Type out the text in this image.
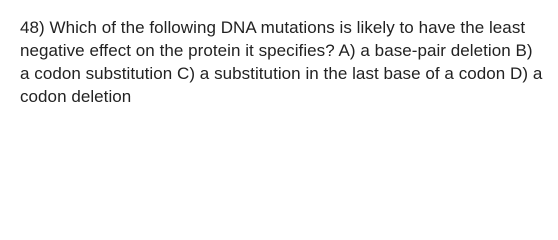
48) Which of the following DNA mutations is likely to have the least negative effect on the protein it specifies? A) a base-pair deletion B) a codon substitution C) a substitution in the last base of a codon D) a codon deletion
